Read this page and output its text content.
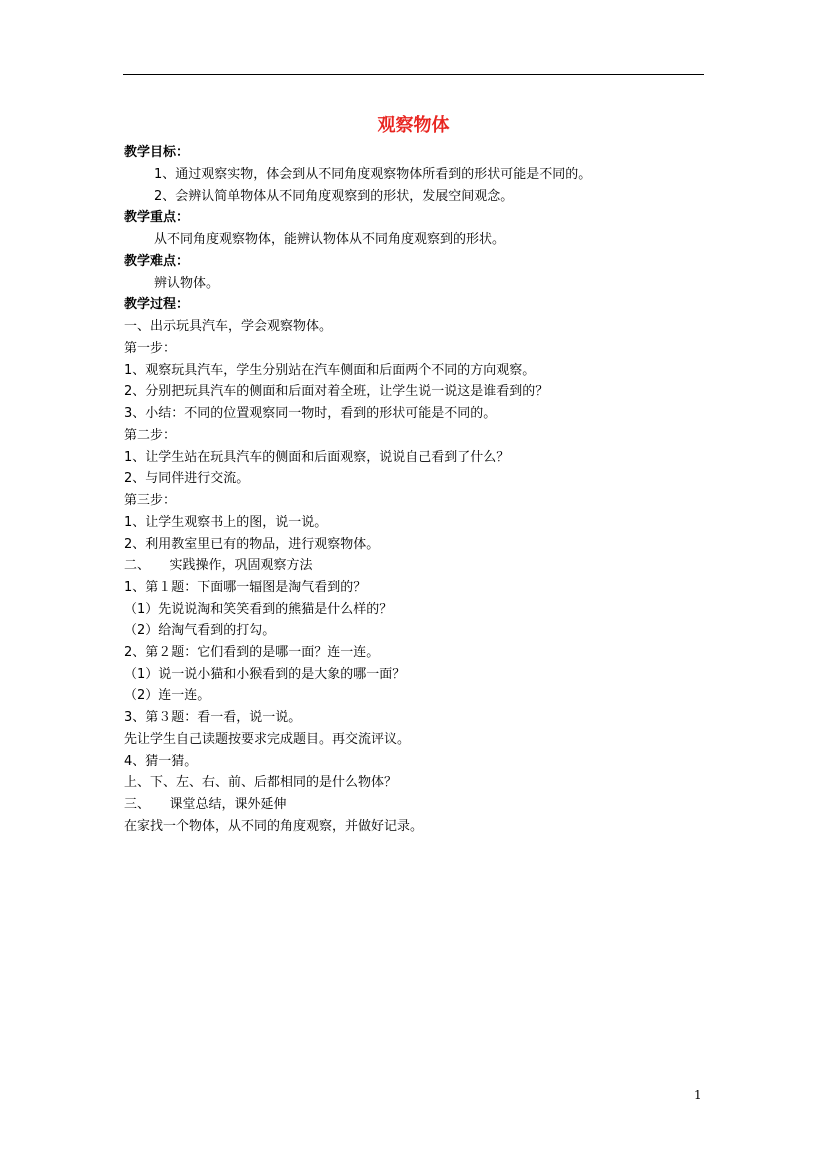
观察物体
教学目标：
1、通过观察实物，体会到从不同角度观察物体所看到的形状可能是不同的。
2、会辨认简单物体从不同角度观察到的形状，发展空间观念。
教学重点：
从不同角度观察物体，能辨认物体从不同角度观察到的形状。
教学难点：
辨认物体。
教学过程：
一、出示玩具汽车，学会观察物体。
第一步：
1、观察玩具汽车，学生分别站在汽车侧面和后面两个不同的方向观察。
2、分别把玩具汽车的侧面和后面对着全班，让学生说一说这是谁看到的？
3、小结：不同的位置观察同一物时，看到的形状可能是不同的。
第二步：
1、让学生站在玩具汽车的侧面和后面观察，说说自己看到了什么？
2、与同伴进行交流。
第三步：
1、让学生观察书上的图，说一说。
2、利用教室里已有的物品，进行观察物体。
二、　　实践操作，巩固观察方法
1、第１题：下面哪一辐图是淘气看到的？
（1）先说说淘和笑笑看到的熊猫是什么样的？
（2）给淘气看到的打勾。
2、第２题：它们看到的是哪一面？连一连。
（1）说一说小猫和小猴看到的是大象的哪一面？
（2）连一连。
3、第３题：看一看，说一说。
先让学生自己读题按要求完成题目。再交流评议。
4、猜一猜。
上、下、左、右、前、后都相同的是什么物体？
三、　　课堂总结，课外延伸
在家找一个物体，从不同的角度观察，并做好记录。
1
